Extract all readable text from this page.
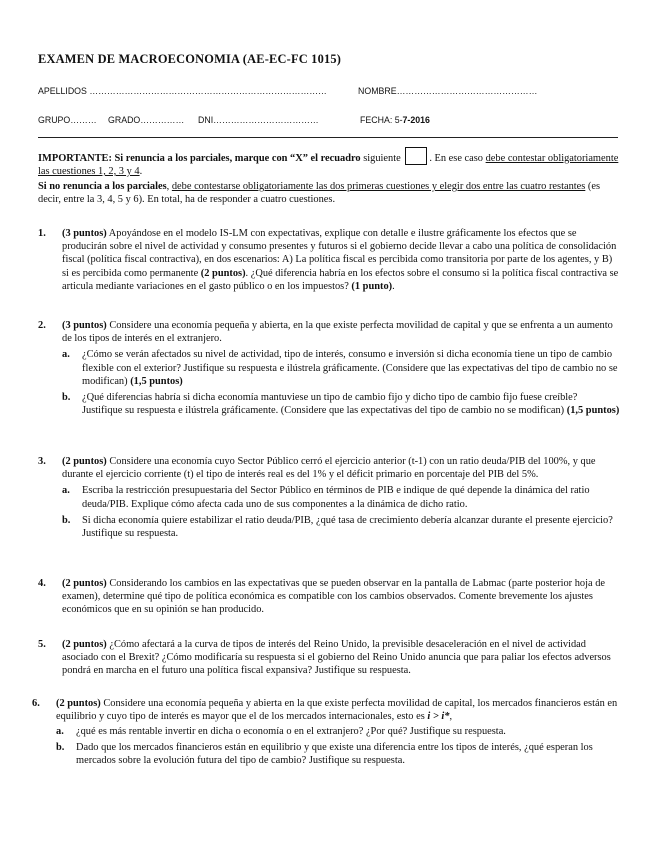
EXAMEN DE MACROECONOMIA (AE-EC-FC 1015)
APELLIDOS ………………………………………………………………………	NOMBRE…………………………………………
GRUPO……… GRADO…………… DNI………………………………	FECHA: 5-7-2016
IMPORTANTE: Si renuncia a los parciales, marque con “X” el recuadro siguiente	. En ese caso debe contestar obligatoriamente las cuestiones 1, 2, 3 y 4.
Si no renuncia a los parciales, debe contestarse obligatoriamente las dos primeras cuestiones y elegir dos entre las cuatro restantes (es decir, entre la 3, 4, 5 y 6). En total, ha de responder a cuatro cuestiones.
1. (3 puntos) Apoyándose en el modelo IS-LM con expectativas, explique con detalle e ilustre gráficamente los efectos que se producirán sobre el nivel de actividad y consumo presentes y futuros si el gobierno decide llevar a cabo una política de consolidación fiscal (política fiscal contractiva), en dos escenarios: A) La política fiscal es percibida como transitoria por parte de los agentes, y B) si es percibida como permanente (2 puntos). ¿Qué diferencia habría en los efectos sobre el consumo si la política fiscal contractiva se articula mediante variaciones en el gasto público o en los impuestos? (1 punto).
2. (3 puntos) Considere una economía pequeña y abierta, en la que existe perfecta movilidad de capital y que se enfrenta a un aumento de los tipos de interés en el extranjero.
a. ¿Cómo se verán afectados su nivel de actividad, tipo de interés, consumo e inversión si dicha economía tiene un tipo de cambio flexible con el exterior? Justifique su respuesta e ilústrela gráficamente. (Considere que las expectativas del tipo de cambio no se modifican) (1,5 puntos)
b. ¿Qué diferencias habría si dicha economía mantuviese un tipo de cambio fijo y dicho tipo de cambio fijo fuese creíble? Justifique su respuesta e ilústrela gráficamente. (Considere que las expectativas del tipo de cambio no se modifican) (1,5 puntos)
3. (2 puntos) Considere una economía cuyo Sector Público cerró el ejercicio anterior (t-1) con un ratio deuda/PIB del 100%, y que durante el ejercicio corriente (t) el tipo de interés real es del 1% y el déficit primario en porcentaje del PIB del 5%.
a. Escriba la restricción presupuestaria del Sector Público en términos de PIB e indique de qué depende la dinámica del ratio deuda/PIB. Explique cómo afecta cada uno de sus componentes a la dinámica de dicho ratio.
b. Si dicha economía quiere estabilizar el ratio deuda/PIB, ¿qué tasa de crecimiento debería alcanzar durante el presente ejercicio? Justifique su respuesta.
4. (2 puntos) Considerando los cambios en las expectativas que se pueden observar en la pantalla de Labmac (parte posterior hoja de examen), determine qué tipo de política económica es compatible con los cambios observados. Comente brevemente los ajustes económicos que en su opinión se han producido.
5. (2 puntos) ¿Cómo afectará a la curva de tipos de interés del Reino Unido, la previsible desaceleración en el nivel de actividad asociado con el Brexit? ¿Cómo modificaría su respuesta si el gobierno del Reino Unido anuncia que para paliar los efectos adversos pondrá en marcha en el futuro una política fiscal expansiva? Justifique su respuesta.
6. (2 puntos) Considere una economía pequeña y abierta en la que existe perfecta movilidad de capital, los mercados financieros están en equilibrio y cuyo tipo de interés es mayor que el de los mercados internacionales, esto es i > i*,
a. ¿qué es más rentable invertir en dicha o economía o en el extranjero? ¿Por qué? Justifique su respuesta.
b. Dado que los mercados financieros están en equilibrio y que existe una diferencia entre los tipos de interés, ¿qué esperan los mercados sobre la evolución futura del tipo de cambio? Justifique su respuesta.
